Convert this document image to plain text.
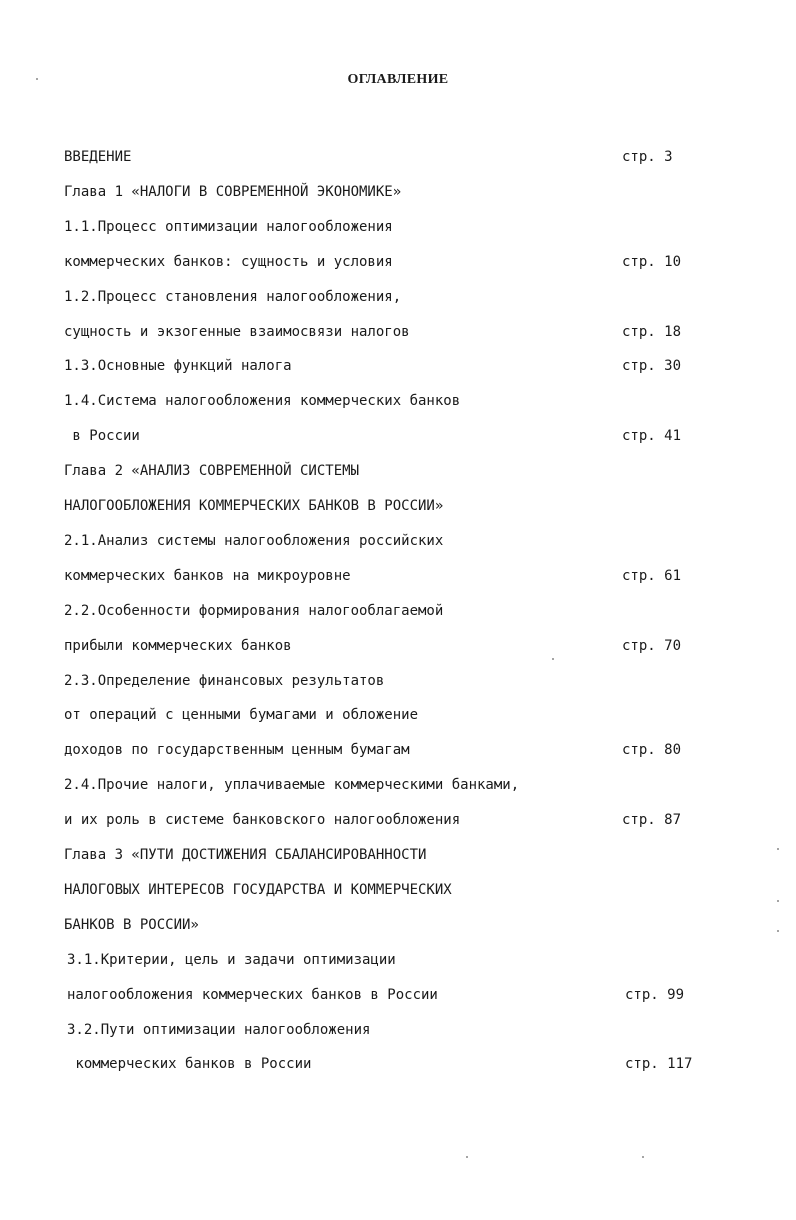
ОГЛАВЛЕНИЕ
ВВЕДЕНИЕ	стр. 3
Глава 1 «НАЛОГИ В СОВРЕМЕННОЙ ЭКОНОМИКЕ»
1.1.Процесс оптимизации налогообложения
коммерческих банков: сущность и условия	стр. 10
1.2.Процесс становления налогообложения,
сущность и экзогенные взаимосвязи налогов	стр. 18
1.3.Основные функций налога	стр. 30
1.4.Система налогообложения коммерческих банков
в России	стр. 41
Глава 2 «АНАЛИЗ СОВРЕМЕННОЙ СИСТЕМЫ
НАЛОГООБЛОЖЕНИЯ КОММЕРЧЕСКИХ БАНКОВ В РОССИИ»
2.1.Анализ системы налогообложения российских
коммерческих банков на микроуровне	стр. 61
2.2.Особенности формирования налогооблагаемой
прибыли коммерческих банков	стр. 70
2.3.Определение финансовых результатов
от операций с ценными бумагами и обложение
доходов по государственным ценным бумагам	стр. 80
2.4.Прочие налоги, уплачиваемые коммерческими банками,
и их роль в системе банковского налогообложения	стр. 87
Глава 3 «ПУТИ ДОСТИЖЕНИЯ СБАЛАНСИРОВАННОСТИ
НАЛОГОВЫХ ИНТЕРЕСОВ ГОСУДАРСТВА И КОММЕРЧЕСКИХ
БАНКОВ В РОССИИ»
3.1.Критерии, цель и задачи оптимизации
налогообложения коммерческих банков в России	стр. 99
3.2.Пути оптимизации налогообложения
коммерческих банков в России	стр. 117
